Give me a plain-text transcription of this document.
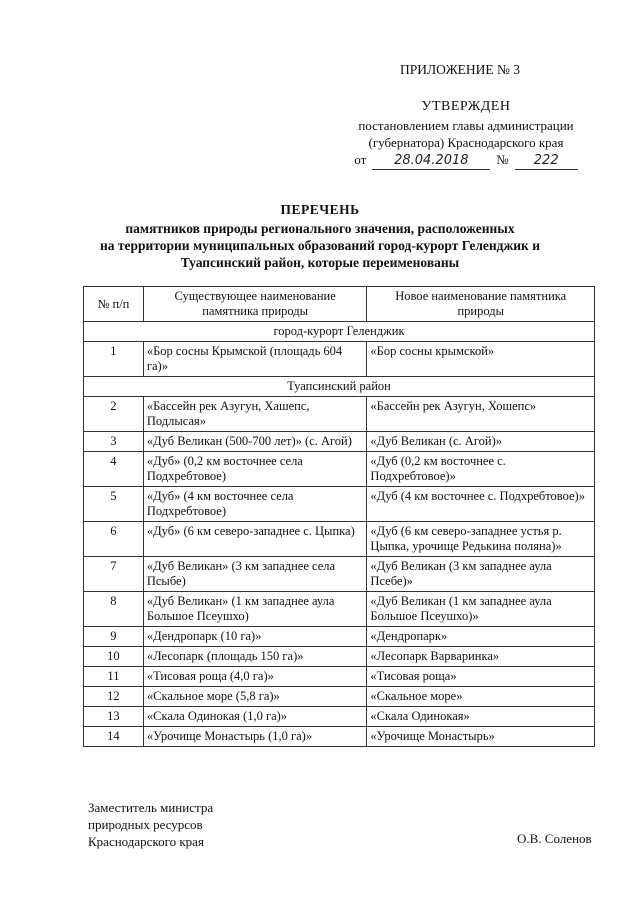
ПРИЛОЖЕНИЕ № 3
УТВЕРЖДЕН
постановлением главы администрации
(губернатора) Краснодарского края
от	28.04.2018	№	222
ПЕРЕЧЕНЬ
памятников природы регионального значения, расположенных
на территории муниципальных образований город-курорт Геленджик и
Туапсинский район, которые переименованы
№ п/п	Существующее наименование памятника природы	Новое наименование памятника природы
город-курорт Геленджик		
1	«Бор сосны Крымской (площадь 604 га)»	«Бор сосны крымской»
Туапсинский район		
2	«Бассейн рек Азугун, Хашепс, Подлысая»	«Бассейн рек Азугун, Хошепс»
3	«Дуб Великан (500-700 лет)» (с. Агой)	«Дуб Великан (с. Агой)»
4	«Дуб» (0,2 км восточнее села Подхребтовое)	«Дуб (0,2 км восточнее с. Подхребтовое)»
5	«Дуб» (4 км восточнее села Подхребтовое)	«Дуб (4 км восточнее с. Подхребтовое)»
6	«Дуб» (6 км северо-западнее с. Цыпка)	«Дуб (6 км северо-западнее устья р. Цыпка, урочище Редькина поляна)»
7	«Дуб Великан» (3 км западнее села Псыбе)	«Дуб Великан (3 км западнее аула Псебе)»
8	«Дуб Великан» (1 км западнее аула Большое Псеушхо)	«Дуб Великан (1 км западнее аула Большое Псеушхо)»
9	«Дендропарк (10 га)»	«Дендропарк»
10	«Лесопарк (площадь 150 га)»	«Лесопарк Варваринка»
11	«Тисовая роща (4,0 га)»	«Тисовая роща»
12	«Скальное море (5,8 га)»	«Скальное море»
13	«Скала Одинокая (1,0 га)»	«Скала Одинокая»
14	«Урочище Монастырь (1,0 га)»	«Урочище Монастырь»
Заместитель министра
природных ресурсов
Краснодарского края	О.В. Соленов
